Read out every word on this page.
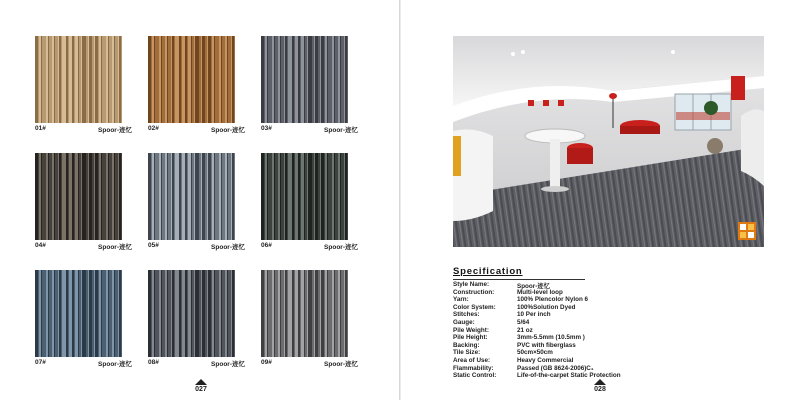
01#	Spoor-迹忆 02#	Spoor-迹忆 03#	Spoor-迹忆
04#	Spoor-迹忆 05#	Spoor-迹忆 06#	Spoor-迹忆
07#	Spoor-迹忆 08#	Spoor-迹忆 09#	Spoor-迹忆
027
Specification
Style Name:	Spoor-迹忆
Construction:	Multi-level loop
Yarn:	100% Plencolor Nylon 6
Color System:	100%Solution Dyed
Stitches:	10 Per inch
Gauge:	5/64
Pile Weight:	21 oz
Pile Height:	3mm-5.5mm (10.5mm )
Backing:	PVC with fiberglass
Tile Size:	50cm×50cm
Area of Use:	Heavy Commercial
Flammability:	Passed (GB 8624-2006)C₁
Static Control:	Life-of-the-carpet Static Protection
028
